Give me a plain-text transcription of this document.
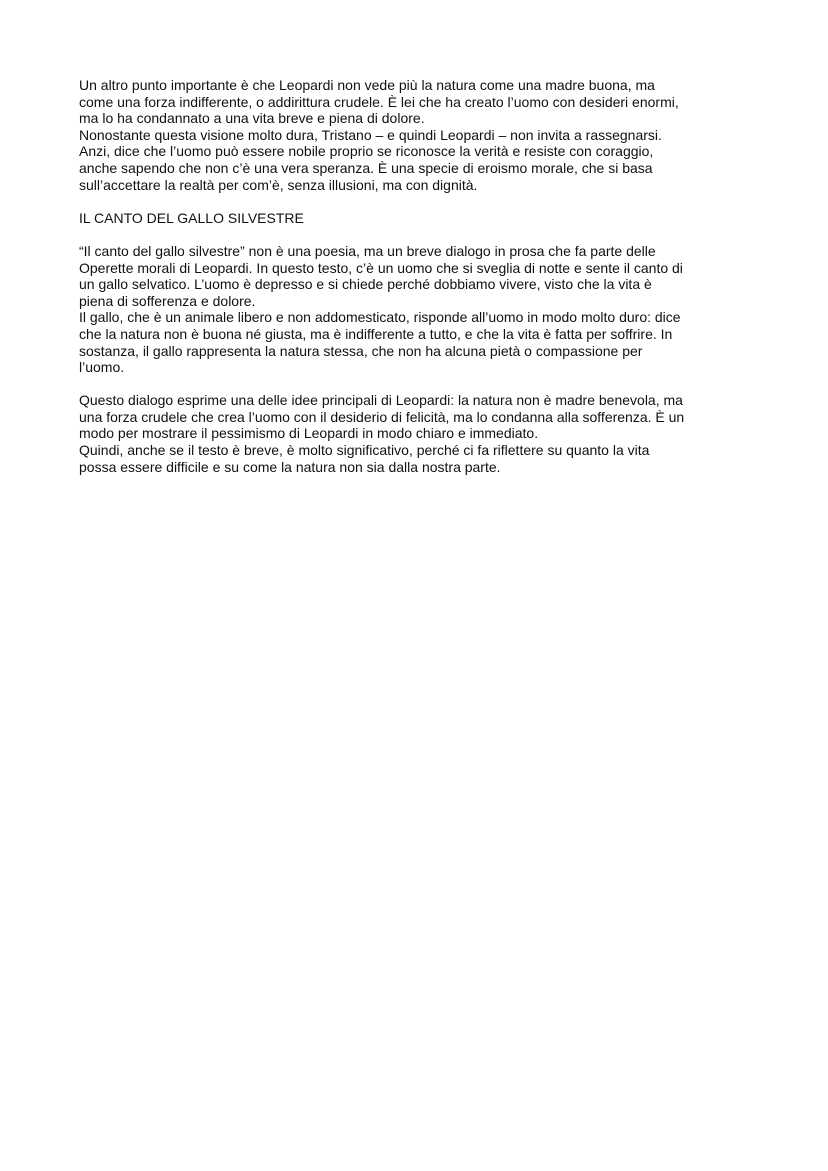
Un altro punto importante è che Leopardi non vede più la natura come una madre buona, ma
come una forza indifferente, o addirittura crudele. È lei che ha creato l’uomo con desideri enormi,
ma lo ha condannato a una vita breve e piena di dolore.
Nonostante questa visione molto dura, Tristano – e quindi Leopardi – non invita a rassegnarsi.
Anzi, dice che l’uomo può essere nobile proprio se riconosce la verità e resiste con coraggio,
anche sapendo che non c’è una vera speranza. È una specie di eroismo morale, che si basa
sull’accettare la realtà per com’è, senza illusioni, ma con dignità.

IL CANTO DEL GALLO SILVESTRE

“Il canto del gallo silvestre” non è una poesia, ma un breve dialogo in prosa che fa parte delle
Operette morali di Leopardi. In questo testo, c’è un uomo che si sveglia di notte e sente il canto di
un gallo selvatico. L’uomo è depresso e si chiede perché dobbiamo vivere, visto che la vita è
piena di sofferenza e dolore.
Il gallo, che è un animale libero e non addomesticato, risponde all’uomo in modo molto duro: dice
che la natura non è buona né giusta, ma è indifferente a tutto, e che la vita è fatta per soffrire. In
sostanza, il gallo rappresenta la natura stessa, che non ha alcuna pietà o compassione per
l’uomo.

Questo dialogo esprime una delle idee principali di Leopardi: la natura non è madre benevola, ma
una forza crudele che crea l’uomo con il desiderio di felicità, ma lo condanna alla sofferenza. È un
modo per mostrare il pessimismo di Leopardi in modo chiaro e immediato.
Quindi, anche se il testo è breve, è molto significativo, perché ci fa riflettere su quanto la vita
possa essere difficile e su come la natura non sia dalla nostra parte.
